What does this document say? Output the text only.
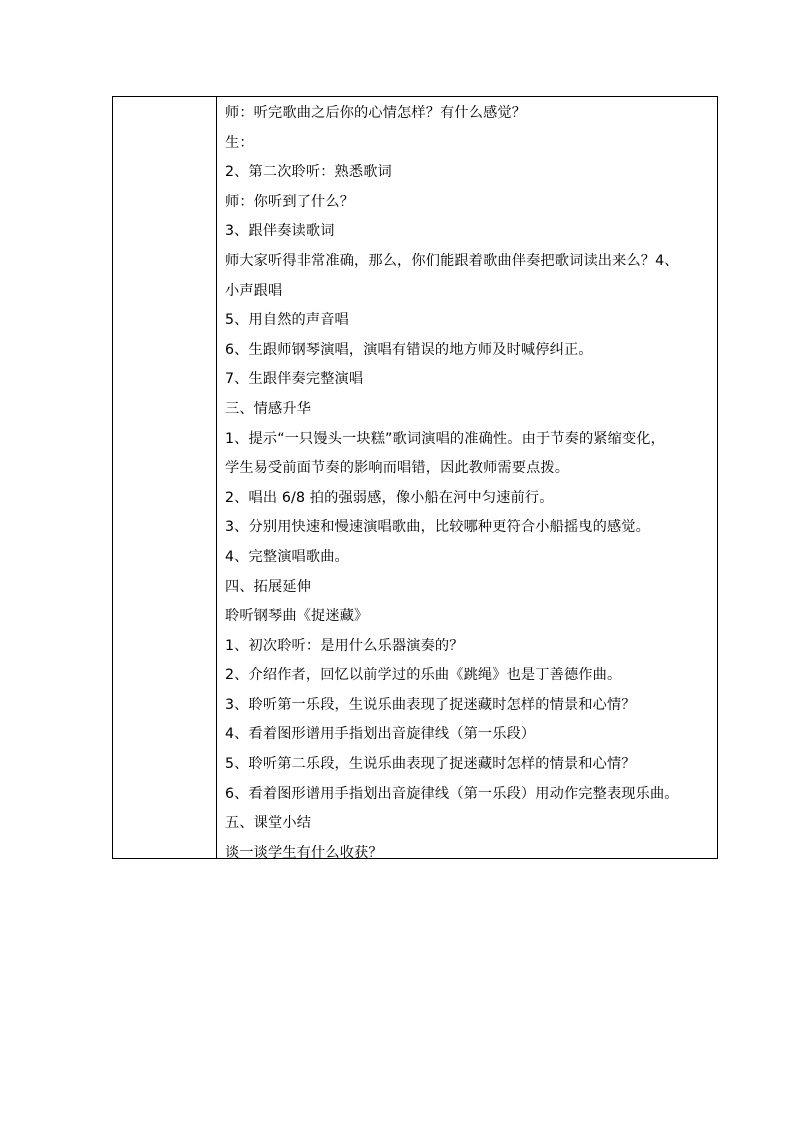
师：听完歌曲之后你的心情怎样？有什么感觉？
生：
2、第二次聆听：熟悉歌词
师：你听到了什么？
3、跟伴奏读歌词
师大家听得非常准确，那么，你们能跟着歌曲伴奏把歌词读出来么？4、
小声跟唱
5、用自然的声音唱
6、生跟师钢琴演唱，演唱有错误的地方师及时喊停纠正。
7、生跟伴奏完整演唱
三、情感升华
1、提示“一只馒头一块糕”歌词演唱的准确性。由于节奏的紧缩变化，
学生易受前面节奏的影响而唱错，因此教师需要点拨。
2、唱出 6/8 拍的强弱感，像小船在河中匀速前行。
3、分别用快速和慢速演唱歌曲，比较哪种更符合小船摇曳的感觉。
4、完整演唱歌曲。
四、拓展延伸
聆听钢琴曲《捉迷藏》
1、初次聆听：是用什么乐器演奏的？
2、介绍作者，回忆以前学过的乐曲《跳绳》也是丁善德作曲。
3、聆听第一乐段，生说乐曲表现了捉迷藏时怎样的情景和心情？
4、看着图形谱用手指划出音旋律线（第一乐段）
5、聆听第二乐段，生说乐曲表现了捉迷藏时怎样的情景和心情？
6、看着图形谱用手指划出音旋律线（第一乐段）用动作完整表现乐曲。
五、课堂小结
谈一谈学生有什么收获？
